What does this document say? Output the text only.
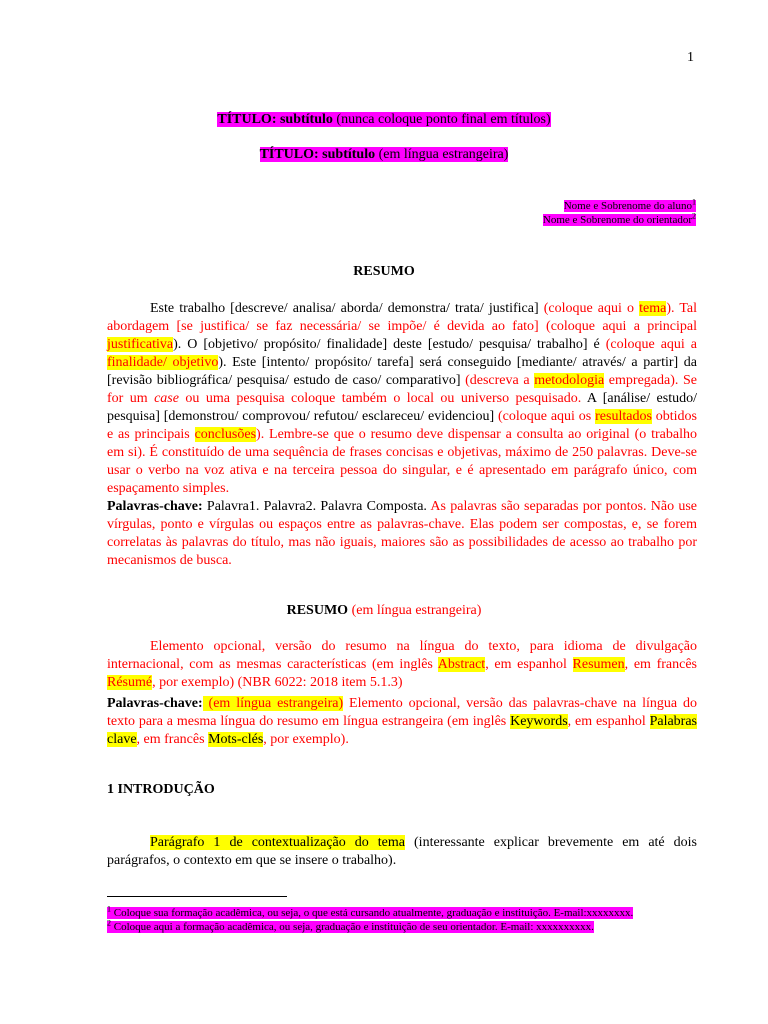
1
TÍTULO: subtítulo (nunca coloque ponto final em títulos)
TÍTULO: subtítulo (em língua estrangeira)
Nome e Sobrenome do aluno$^1$
Nome e Sobrenome do orientador$^2$
RESUMO

Este trabalho [descreve/ analisa/ aborda/ demonstra/ trata/ justifica] (coloque aqui o tema). Tal abordagem [se justifica/ se faz necessária/ se impõe/ é devida ao fato] (coloque aqui a principal justificativa). O [objetivo/ propósito/ finalidade] deste [estudo/ pesquisa/ trabalho] é (coloque aqui a finalidade/ objetivo). Este [intento/ propósito/ tarefa] será conseguido [mediante/ através/ a partir] da [revisão bibliográfica/ pesquisa/ estudo de caso/ comparativo] (descreva a metodologia empregada). Se for um case ou uma pesquisa coloque também o local ou universo pesquisado. A [análise/ estudo/ pesquisa] [demonstrou/ comprovou/ refutou/ esclareceu/ evidenciou] (coloque aqui os resultados obtidos e as principais conclusões). Lembre-se que o resumo deve dispensar a consulta ao original (o trabalho em si). É constituído de uma sequência de frases concisas e objetivas, máximo de 250 palavras. Deve-se usar o verbo na voz ativa e na terceira pessoa do singular, e é apresentado em parágrafo único, com espaçamento simples.

Palavras-chave: Palavra1. Palavra2. Palavra Composta. As palavras são separadas por pontos. Não use vírgulas, ponto e vírgulas ou espaços entre as palavras-chave. Elas podem ser compostas, e, se forem correlatas às palavras do título, mas não iguais, maiores são as possibilidades de acesso ao trabalho por mecanismos de busca.

RESUMO (em língua estrangeira)

Elemento opcional, versão do resumo na língua do texto, para idioma de divulgação internacional, com as mesmas características (em inglês Abstract, em espanhol Resumen, em francês Résumé, por exemplo) (NBR 6022: 2018 item 5.1.3)

Palavras-chave: (em língua estrangeira) Elemento opcional, versão das palavras-chave na língua do texto para a mesma língua do resumo em língua estrangeira (em inglês Keywords, em espanhol Palabras clave, em francês Mots-clés, por exemplo).

1 INTRODUÇÃO

Parágrafo 1 de contextualização do tema (interessante explicar brevemente em até dois parágrafos, o contexto em que se insere o trabalho).

$^1$ Coloque sua formação acadêmica, ou seja, o que está cursando atualmente, graduação e instituição. E-mail:xxxxxxxx.

$^2$ Coloque aqui a formação acadêmica, ou seja, graduação e instituição de seu orientador. E-mail: xxxxxxxxxx.
